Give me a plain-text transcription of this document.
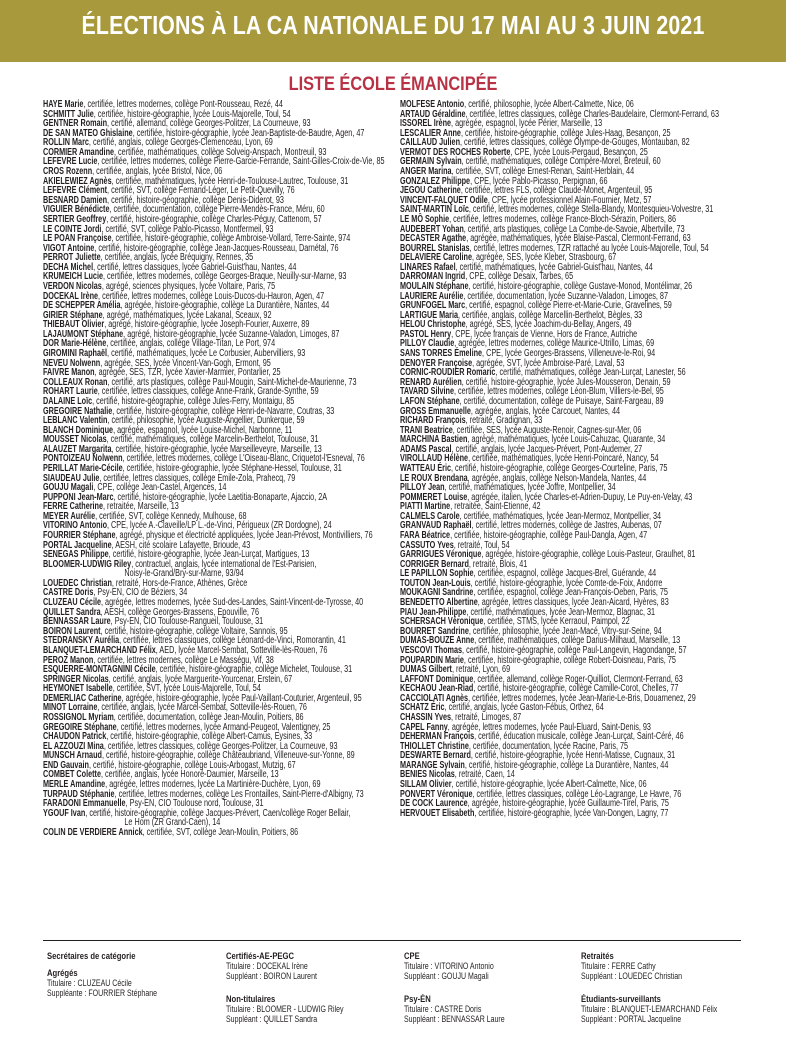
ÉLECTIONS À LA CA NATIONALE DU 17 MAI AU 3 JUIN 2021
LISTE ÉCOLE ÉMANCIPÉE
HAYE Marie, certifiée, lettres modernes, collège Pont-Rousseau, Rezé, 44
SCHMITT Julie, certifiée, histoire-géographie, lycée Louis-Majorelle, Toul, 54
GENTNER Romain, certifié, allemand, collège Georges-Politzer, La Courneuve, 93
DE SAN MATEO Ghislaine, certifiée, histoire-géographie, lycée Jean-Baptiste-de-Baudre, Agen, 47
ROLLIN Marc, certifié, anglais, collège Georges-Clemenceau, Lyon, 69
CORMIER Amandine, certifiée, mathématiques, collège Solveig-Anspach, Montreuil, 93
LEFEVRE Lucie, certifiée, lettres modernes, collège Pierre-Garcie-Ferrande, Saint-Gilles-Croix-de-Vie, 85
CROS Rozenn, certifiée, anglais, lycée Bristol, Nice, 06
AKIELEWIEZ Agnès, certifiée, mathématiques, lycée Henri-de-Toulouse-Lautrec, Toulouse, 31
LEFEVRE Clément, certifié, SVT, collège Fernand-Léger, Le Petit-Quevilly, 76
BESNARD Damien, certifié, histoire-géographie, collège Denis-Diderot, 93
VIGUIER Bénédicte, certifiée, documentation, collège Pierre-Mendès-France, Méru, 60
SERTIER Geoffrey, certifié, histoire-géographie, collège Charles-Péguy, Cattenom, 57
LE COINTE Jordi, certifié, SVT, collège Pablo-Picasso, Montfermeil, 93
LE POAN Françoise, certifiée, histoire-géographie, collège Ambroise-Vollard, Terre-Sainte, 974
VIGOT Antoine, certifié, histoire-géographie, collège Jean-Jacques-Rousseau, Darnétal, 76
PERROT Juliette, certifiée, anglais, lycée Bréquigny, Rennes, 35
DECHA Michel, certifié, lettres classiques, lycée Gabriel-Guist'hau, Nantes, 44
KRUMEICH Lucie, certifiée, lettres modernes, collège Georges-Braque, Neuilly-sur-Marne, 93
VERDON Nicolas, agrégé, sciences physiques, lycée Voltaire, Paris, 75
DOCEKAL Irène, certifiée, lettres modernes, collège Louis-Ducos-du-Hauron, Agen, 47
DE SCHEPPER Amélia, agrégée, histoire-géographie, collège La Durantière, Nantes, 44
GIRIER Stéphane, agrégé, mathématiques, lycée Lakanal, Sceaux, 92
THIEBAUT Olivier, agrégé, histoire-géographie, lycée Joseph-Fourier, Auxerre, 89
LAJAUMONT Stéphane, agrégé, histoire-géographie, lycée Suzanne-Valadon, Limoges, 87
DOR Marie-Hélène, certifiée, anglais, collège Village-Titan, Le Port, 974
GIROMINI Raphaël, certifié, mathématiques, lycée Le Corbusier, Aubervilliers, 93
NEVEU Nolwenn, agrégée, SES, lycée Vincent-Van-Gogh, Ermont, 95
FAIVRE Manon, agrégée, SES, TZR, lycée Xavier-Marmier, Pontarlier, 25
COLLEAUX Ronan, certifié, arts plastiques, collège Paul-Mougin, Saint-Michel-de-Maurienne, 73
ROHART Laurie, certifiée, lettres classiques, collège Anne-Frank, Grande-Synthe, 59
DALAINE Loïc, certifié, histoire-géographie, collège Jules-Ferry, Montaigu, 85
GREGOIRE Nathalie, certifiée, histoire-géographie, collège Henri-de-Navarre, Coutras, 33
LEBLANC Valentin, certifié, philosophie, lycée Auguste-Angellier, Dunkerque, 59
BLANCH Dominique, agrégée, espagnol, lycée Louise-Michel, Narbonne, 11
MOUSSET Nicolas, certifié, mathématiques, collège Marcelin-Berthelot, Toulouse, 31
ALAUZET Margarita, certifiée, histoire-géographie, lycée Marseilleveyre, Marseille, 13
PONTOIZEAU Nolwenn, certifiée, lettres modernes, collège L'Oiseau-Blanc, Criquetot-l'Esneval, 76
PERILLAT Marie-Cécile, certifiée, histoire-géographie, lycée Stéphane-Hessel, Toulouse, 31
SIAUDEAU Julie, certifiée, lettres classiques, collège Émile-Zola, Prahecq, 79
GOUJU Magali, CPE, collège Jean-Castel, Argences, 14
PUPPONI Jean-Marc, certifié, histoire-géographie, lycée Laetitia-Bonaparte, Ajaccio, 2A
FERRE Catherine, retraitée, Marseille, 13
MEYER Aurélie, certifiée, SVT, collège Kennedy, Mulhouse, 68
VITORINO Antonio, CPE, lycée A.-Claveille/LP L.-de-Vinci, Périgueux (ZR Dordogne), 24
FOURRIER Stéphane, agrégé, physique et électricité appliquées, lycée Jean-Prévost, Montivilliers, 76
PORTAL Jacqueline, AESH, cité scolaire Lafayette, Brioude, 43
SENEGAS Philippe, certifié, histoire-géographie, lycée Jean-Lurçat, Martigues, 13
BLOOMER-LUDWIG Riley, contractuel, anglais, lycée international de l'Est-Parisien,
Noisy-le-Grand/Bry-sur-Marne, 93/94
LOUEDEC Christian, retraité, Hors-de-France, Athènes, Grèce
CASTRE Doris, Psy-ÉN, CIO de Béziers, 34
CLUZEAU Cécile, agrégée, lettres modernes, lycée Sud-des-Landes, Saint-Vincent-de-Tyrosse, 40
QUILLET Sandra, AESH, collège Georges-Brassens, Épouville, 76
BENNASSAR Laure, Psy-ÉN, CIO Toulouse-Rangueil, Toulouse, 31
BOIRON Laurent, certifié, histoire-géographie, collège Voltaire, Sannois, 95
STEDRANSKY Aurélia, certifiée, lettres classiques, collège Léonard-de-Vinci, Romorantin, 41
BLANQUET-LEMARCHAND Félix, AED, lycée Marcel-Sembat, Sotteville-lès-Rouen, 76
PEROZ Manon, certifiée, lettres modernes, collège Le Masségu, Vif, 38
ESQUERRE-MONTAGNINI Cécile, certifiée, histoire-géographie, collège Michelet, Toulouse, 31
SPRINGER Nicolas, certifié, anglais, lycée Marguerite-Yourcenar, Erstein, 67
HEYMONET Isabelle, certifiée, SVT, lycée Louis-Majorelle, Toul, 54
DEMERLIAC Catherine, agrégée, histoire-géographie, lycée Paul-Vaillant-Couturier, Argenteuil, 95
MINOT Lorraine, certifiée, anglais, lycée Marcel-Sembat, Sotteville-lès-Rouen, 76
ROSSIGNOL Myriam, certifiée, documentation, collège Jean-Moulin, Poitiers, 86
GREGOIRE Stéphane, certifié, lettres modernes, lycée Armand-Peugeot, Valentigney, 25
CHAUDON Patrick, certifié, histoire-géographie, collège Albert-Camus, Eysines, 33
EL AZZOUZI Mina, certifiée, lettres classiques, collège Georges-Politzer, La Courneuve, 93
MUNSCH Arnaud, certifié, histoire-géographie, collège Châteaubriand, Villeneuve-sur-Yonne, 89
END Gauvain, certifié, histoire-géographie, collège Louis-Arbogast, Mutzig, 67
COMBET Colette, certifiée, anglais, lycée Honoré-Daumier, Marseille, 13
MERLE Amandine, agrégée, lettres modernes, lycée La Martinière-Duchère, Lyon, 69
TURPAUD Stéphanie, certifiée, lettres modernes, collège Les Frontailles, Saint-Pierre-d'Albigny, 73
FARADONI Emmanuelle, Psy-ÉN, CIO Toulouse nord, Toulouse, 31
YGOUF Ivan, certifié, histoire-géographie, collège Jacques-Prévert, Caen/collège Roger Bellair,
Le Hom (ZR Grand-Caen), 14
COLIN DE VERDIERE Annick, certifiée, SVT, collège Jean-Moulin, Poitiers, 86
MOLFESE Antonio, certifié, philosophie, lycée Albert-Calmette, Nice, 06
ARTAUD Géraldine, certifiée, lettres classiques, collège Charles-Baudelaire, Clermont-Ferrand, 63
ISSOREL Irène, agrégée, espagnol, lycée Périer, Marseille, 13
LESCALIER Anne, certifiée, histoire-géographie, collège Jules-Haag, Besançon, 25
CAILLAUD Julien, certifié, lettres classiques, collège Olympe-de-Gouges, Montauban, 82
VERMOT DES ROCHES Roberte, CPE, lycée Louis-Pergaud, Besançon, 25
GERMAIN Sylvain, certifié, mathématiques, collège Compère-Morel, Breteuil, 60
ANGER Marina, certifiée, SVT, collège Ernest-Renan, Saint-Herblain, 44
GONZALEZ Philippe, CPE, lycée Pablo-Picasso, Perpignan, 66
JEGOU Catherine, certifiée, lettres FLS, collège Claude-Monet, Argenteuil, 95
VINCENT-FALQUET Odile, CPE, lycée professionnel Alain-Fournier, Metz, 57
SAINT-MARTIN Loïc, certifié, lettres modernes, collège Stella-Blandy, Montesquieu-Volvestre, 31
LE MÔ Sophie, certifiée, lettres modernes, collège France-Bloch-Sérazin, Poitiers, 86
AUDEBERT Yohan, certifié, arts plastiques, collège La Combe-de-Savoie, Albertville, 73
DECASTER Agathe, agrégée, mathématiques, lycée Blaise-Pascal, Clermont-Ferrand, 63
BOURREL Stanislas, certifié, lettres modernes, TZR rattaché au lycée Louis-Majorelle, Toul, 54
DELAVIERE Caroline, agrégée, SES, lycée Kleber, Strasbourg, 67
LINARES Rafael, certifié, mathématiques, lycée Gabriel-Guist'hau, Nantes, 44
DARROMAN Ingrid, CPE, collège Desaix, Tarbes, 65
MOULAIN Stéphane, certifié, histoire-géographie, collège Gustave-Monod, Montélimar, 26
LAURIERE Aurélie, certifiée, documentation, lycée Suzanne-Valadon, Limoges, 87
GRUNFOGEL Marc, certifié, espagnol, collège Pierre-et-Marie-Curie, Gravelines, 59
LARTIGUE Maria, certifiée, anglais, collège Marcellin-Berthelot, Bègles, 33
HELOU Christophe, agrégé, SES, lycée Joachim-du-Bellay, Angers, 49
PASTOL Henry, CPE, lycée français de Vienne, Hors de France, Autriche
PILLOY Claudie, agrégée, lettres modernes, collège Maurice-Utrillo, Limas, 69
SANS TORRES Émeline, CPE, lycée Georges-Brassens, Villeneuve-le-Roi, 94
DENOYER Françoise, agrégée, SVT, lycée Ambroise-Paré, Laval, 53
CORNIC-ROUDIER Romaric, certifié, mathématiques, collège Jean-Lurçat, Lanester, 56
RENARD Aurélien, certifié, histoire-géographie, lycée Jules-Mousseron, Denain, 59
TAVARD Silvine, certifiée, lettres modernes, collège Léon-Blum, Villiers-le-Bel, 95
LAFON Stéphane, certifié, documentation, collège de Puisaye, Saint-Fargeau, 89
GROSS Emmanuelle, agrégée, anglais, lycée Carcouet, Nantes, 44
RICHARD François, retraité, Gradignan, 33
TRANI Beatrice, certifiée, SES, lycée Auguste-Renoir, Cagnes-sur-Mer, 06
MARCHINA Bastien, agrégé, mathématiques, lycée Louis-Cahuzac, Quarante, 34
ADAMS Pascal, certifié, anglais, lycée Jacques-Prévert, Pont-Audemer, 27
VIROLLAUD Hélène, certifiée, mathématiques, lycée Henri-Poincaré, Nancy, 54
WATTEAU Éric, certifié, histoire-géographie, collège Georges-Courteline, Paris, 75
LE ROUX Brendana, agrégée, anglais, collège Nelson-Mandela, Nantes, 44
PILLOY Jean, certifié, mathématiques, lycée Joffre, Montpellier, 34
POMMERET Louise, agrégée, italien, lycée Charles-et-Adrien-Dupuy, Le Puy-en-Velay, 43
PIATTI Martine, retraitée, Saint-Étienne, 42
CALMELS Carole, certifiée, mathématiques, lycée Jean-Mermoz, Montpellier, 34
GRANVAUD Raphaël, certifié, lettres modernes, collège de Jastres, Aubenas, 07
FARA Béatrice, certifiée, histoire-géographie, collège Paul-Dangla, Agen, 47
CASSUTO Yves, retraité, Toul, 54
GARRIGUES Véronique, agrégée, histoire-géographie, collège Louis-Pasteur, Graulhet, 81
CORRIGER Bernard, retraité, Blois, 41
LE PAPILLON Sophie, certifiée, espagnol, collège Jacques-Brel, Guérande, 44
TOUTON Jean-Louis, certifié, histoire-géographie, lycée Comte-de-Foix, Andorre
MOUKAGNI Sandrine, certifiée, espagnol, collège Jean-François-Oeben, Paris, 75
BENEDETTO Albertine, agrégée, lettres classiques, lycée Jean-Aicard, Hyères, 83
PIAU Jean-Philippe, certifié, mathématiques, lycée Jean-Mermoz, Blagnac, 31
SCHERSACH Véronique, certifiée, STMS, lycée Kerraoul, Paimpol, 22
BOURRET Sandrine, certifiée, philosophie, lycée Jean-Macé, Vitry-sur-Seine, 94
DUMAS-BOUZE Anne, certifiée, mathématiques, collège Darius-Milhaud, Marseille, 13
VESCOVI Thomas, certifié, histoire-géographie, collège Paul-Langevin, Hagondange, 57
POUPARDIN Marie, certifiée, histoire-géographie, collège Robert-Doisneau, Paris, 75
DUMAS Gilbert, retraité, Lyon, 69
LAFFONT Dominique, certifiée, allemand, collège Roger-Quilliot, Clermont-Ferrand, 63
KECHAOU Jean-Riad, certifié, histoire-géographie, collège Camille-Corot, Chelles, 77
CACCIOLATI Agnès, certifiée, lettres modernes, lycée Jean-Marie-Le-Bris, Douarnenez, 29
SCHATZ Éric, certifié, anglais, lycée Gaston-Fébus, Orthez, 64
CHASSIN Yves, retraité, Limoges, 87
CAPEL Fanny, agrégée, lettres modernes, lycée Paul-Éluard, Saint-Denis, 93
DEHERMAN François, certifié, éducation musicale, collège Jean-Lurçat, Saint-Céré, 46
THIOLLET Christine, certifiée, documentation, lycée Racine, Paris, 75
DESWARTE Bernard, certifié, histoire-géographie, lycée Henri-Matisse, Cugnaux, 31
MARANGE Sylvain, certifié, histoire-géographie, collège La Durantière, Nantes, 44
BENIES Nicolas, retraité, Caen, 14
SILLAM Olivier, certifié, histoire-géographie, lycée Albert-Calmette, Nice, 06
PONVERT Véronique, certifiée, lettres classiques, collège Léo-Lagrange, Le Havre, 76
DE COCK Laurence, agrégée, histoire-géographie, lycée Guillaume-Tirel, Paris, 75
HERVOUET Elisabeth, certifiée, histoire-géographie, lycée Van-Dongen, Lagny, 77
Secrétaires de catégorie
Agrégés
Titulaire : CLUZEAU Cécile
Suppléante : FOURRIER Stéphane
Certifiés-AE-PEGC
Titulaire : DOCEKAL Irène
Suppléant : BOIRON Laurent
Non-titulaires
Titulaire : BLOOMER - LUDWIG Riley
Suppléant : QUILLET Sandra
CPE
Titulaire : VITORINO Antonio
Suppléant : GOUJU Magali
Psy-ÉN
Titulaire : CASTRE Doris
Suppléant : BENNASSAR Laure
Retraités
Titulaire : FERRE Cathy
Suppléant : LOUEDEC Christian
Étudiants-surveillants
Titulaire : BLANQUET-LEMARCHAND Félix
Suppléant : PORTAL Jacqueline
